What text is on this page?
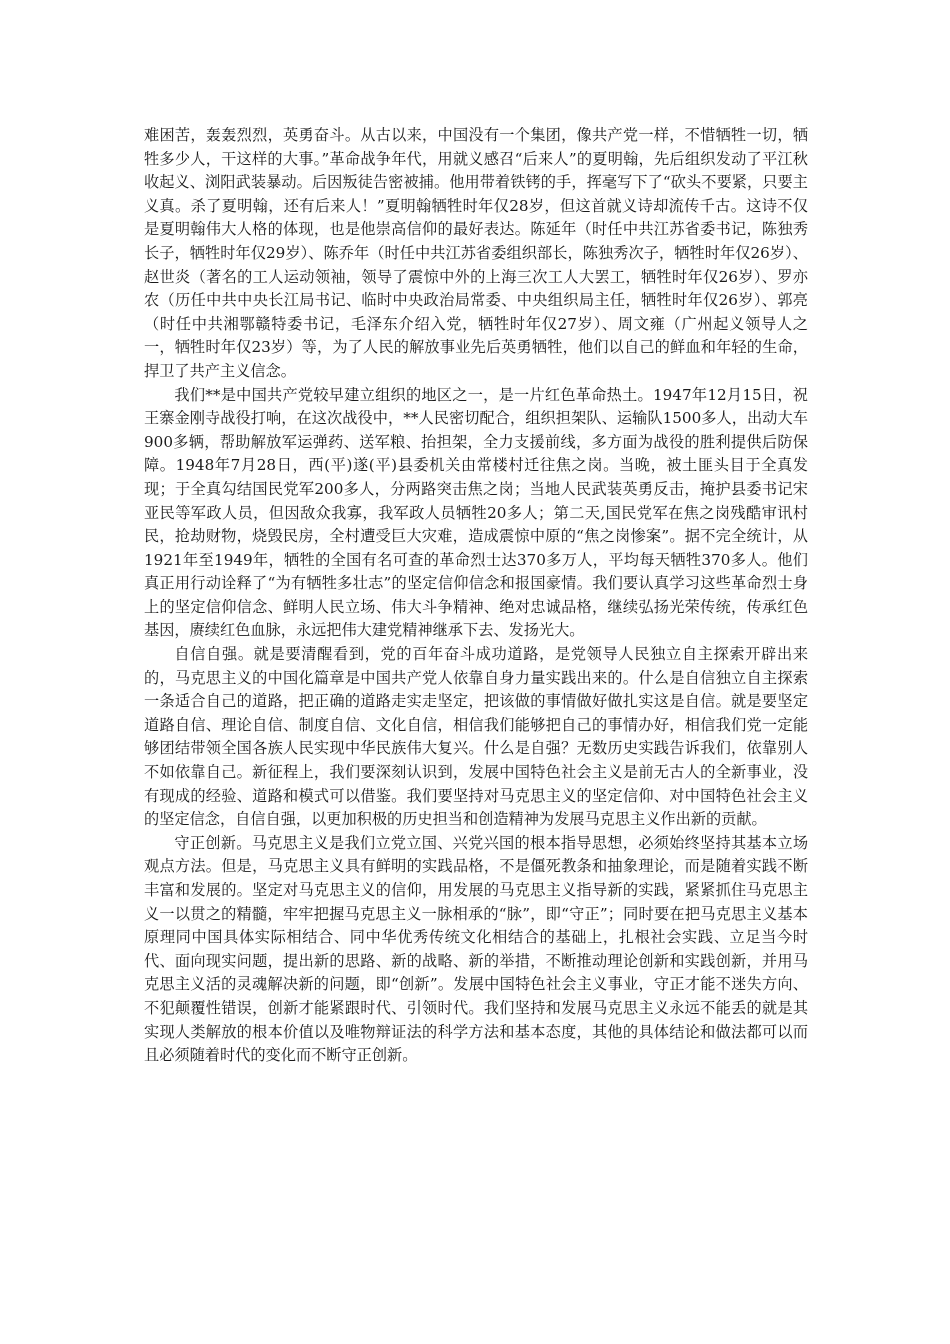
难困苦，轰轰烈烈，英勇奋斗。从古以来，中国没有一个集团，像共产党一样，不惜牺牲一切，牺牲多少人，干这样的大事。”革命战争年代，用就义感召“后来人”的夏明翰，先后组织发动了平江秋收起义、浏阳武装暴动。后因叛徒告密被捕。他用带着铁铐的手，挥毫写下了“砍头不要紧，只要主义真。杀了夏明翰，还有后来人！”夏明翰牺牲时年仅28岁，但这首就义诗却流传千古。这诗不仅是夏明翰伟大人格的体现，也是他崇高信仰的最好表达。陈延年（时任中共江苏省委书记，陈独秀长子，牺牲时年仅29岁）、陈乔年（时任中共江苏省委组织部长，陈独秀次子，牺牲时年仅26岁）、赵世炎（著名的工人运动领袖，领导了震惊中外的上海三次工人大罢工，牺牲时年仅26岁）、罗亦农（历任中共中央长江局书记、临时中央政治局常委、中央组织局主任，牺牲时年仅26岁）、郭亮（时任中共湘鄂赣特委书记，毛泽东介绍入党，牺牲时年仅27岁）、周文雍（广州起义领导人之一，牺牲时年仅23岁）等，为了人民的解放事业先后英勇牺牲，他们以自己的鲜血和年轻的生命，捍卫了共产主义信念。

我们**是中国共产党较早建立组织的地区之一，是一片红色革命热土。1947年12月15日，祝王寨金刚寺战役打响，在这次战役中，**人民密切配合，组织担架队、运输队1500多人，出动大车900多辆，帮助解放军运弹药、送军粮、抬担架，全力支援前线，多方面为战役的胜利提供后防保障。1948年7月28日，西(平)遂(平)县委机关由常楼村迁往焦之岗。当晚，被土匪头目于全真发现；于全真勾结国民党军200多人，分两路突击焦之岗；当地人民武装英勇反击，掩护县委书记宋亚民等军政人员，但因敌众我寡，我军政人员牺牲20多人；第二天,国民党军在焦之岗残酷审讯村民，抢劫财物，烧毁民房，全村遭受巨大灾难，造成震惊中原的“焦之岗惨案”。据不完全统计，从1921年至1949年，牺牲的全国有名可查的革命烈士达370多万人，平均每天牺牲370多人。他们真正用行动诠释了“为有牺牲多壮志”的坚定信仰信念和报国豪情。我们要认真学习这些革命烈士身上的坚定信仰信念、鲜明人民立场、伟大斗争精神、绝对忠诚品格，继续弘扬光荣传统，传承红色基因，赓续红色血脉，永远把伟大建党精神继承下去、发扬光大。

自信自强。就是要清醒看到，党的百年奋斗成功道路，是党领导人民独立自主探索开辟出来的，马克思主义的中国化篇章是中国共产党人依靠自身力量实践出来的。什么是自信独立自主探索一条适合自己的道路，把正确的道路走实走坚定，把该做的事情做好做扎实这是自信。就是要坚定道路自信、理论自信、制度自信、文化自信，相信我们能够把自己的事情办好，相信我们党一定能够团结带领全国各族人民实现中华民族伟大复兴。什么是自强？无数历史实践告诉我们，依靠别人不如依靠自己。新征程上，我们要深刻认识到，发展中国特色社会主义是前无古人的全新事业，没有现成的经验、道路和模式可以借鉴。我们要坚持对马克思主义的坚定信仰、对中国特色社会主义的坚定信念，自信自强，以更加积极的历史担当和创造精神为发展马克思主义作出新的贡献。

守正创新。马克思主义是我们立党立国、兴党兴国的根本指导思想，必须始终坚持其基本立场观点方法。但是，马克思主义具有鲜明的实践品格，不是僵死教条和抽象理论，而是随着实践不断丰富和发展的。坚定对马克思主义的信仰，用发展的马克思主义指导新的实践，紧紧抓住马克思主义一以贯之的精髓，牢牢把握马克思主义一脉相承的“脉”，即“守正”；同时要在把马克思主义基本原理同中国具体实际相结合、同中华优秀传统文化相结合的基础上，扎根社会实践、立足当今时代、面向现实问题，提出新的思路、新的战略、新的举措，不断推动理论创新和实践创新，并用马克思主义活的灵魂解决新的问题，即“创新”。发展中国特色社会主义事业，守正才能不迷失方向、不犯颠覆性错误，创新才能紧跟时代、引领时代。我们坚持和发展马克思主义永远不能丢的就是其实现人类解放的根本价值以及唯物辩证法的科学方法和基本态度，其他的具体结论和做法都可以而且必须随着时代的变化而不断守正创新。
